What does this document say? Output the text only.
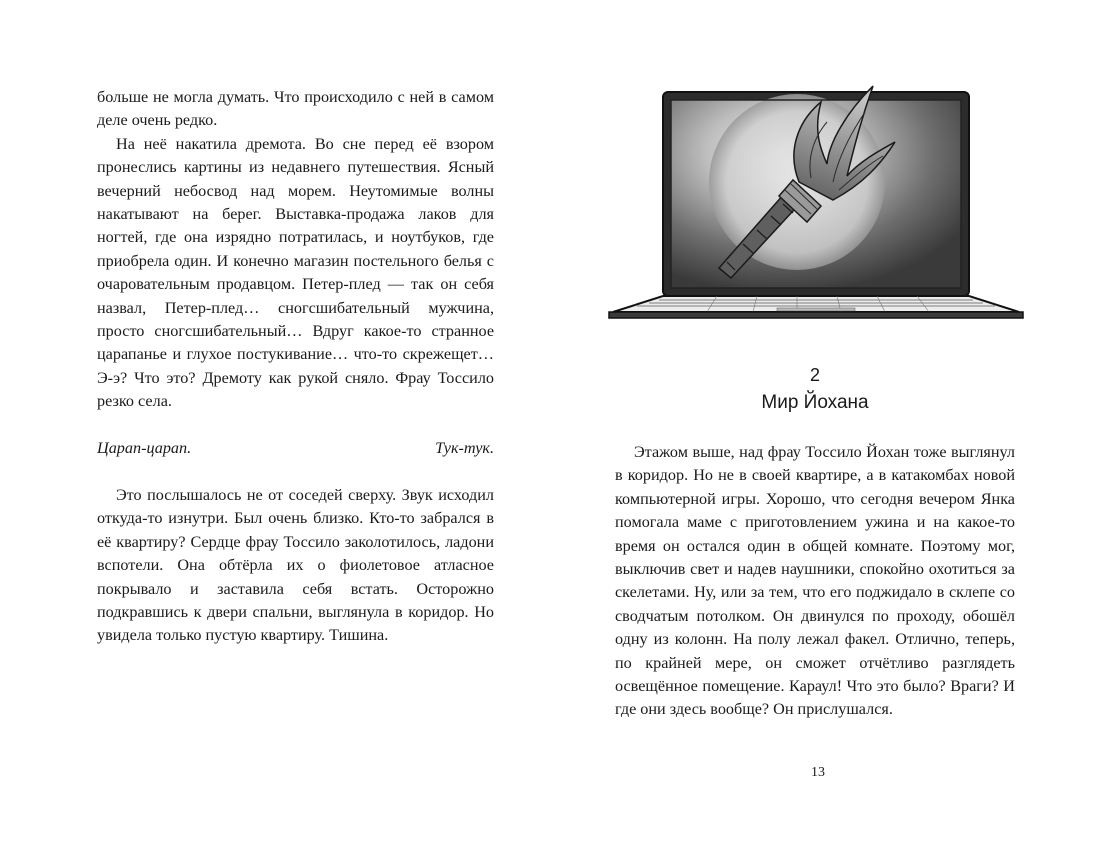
больше не могла думать. Что происходило с ней в самом деле очень редко.

На неё накатила дремота. Во сне перед её взором пронеслись картины из недавнего путешествия. Ясный вечерний небосвод над морем. Неутомимые волны накатывают на берег. Выставка-продажа лаков для ногтей, где она изрядно потратилась, и ноутбуков, где приобрела один. И конечно магазин постельного белья с очаровательным продавцом. Петер-плед — так он себя назвал, Петер-плед… сногсшибательный мужчина, просто сногсшибательный… Вдруг какое-то странное царапанье и глухое постукивание… что-то скрежещет… Э-э? Что это? Дремоту как рукой сняло. Фрау Тоссило резко села.

Царап-царап.	Тук-тук.

Это послышалось не от соседей сверху. Звук исходил откуда-то изнутри. Был очень близко. Кто-то забрался в её квартиру? Сердце фрау Тоссило заколотилось, ладони вспотели. Она обтёрла их о фиолетовое атласное покрывало и заставила себя встать. Осторожно подкравшись к двери спальни, выглянула в коридор. Но увидела только пустую квартиру. Тишина.

2
Мир Йохана

Этажом выше, над фрау Тоссило Йохан тоже выглянул в коридор. Но не в своей квартире, а в катакомбах новой компьютерной игры. Хорошо, что сегодня вечером Янка помогала маме с приготовлением ужина и на какое-то время он остался один в общей комнате. Поэтому мог, выключив свет и надев наушники, спокойно охотиться за скелетами. Ну, или за тем, что его поджидало в склепе со сводчатым потолком. Он двинулся по проходу, обошёл одну из колонн. На полу лежал факел. Отлично, теперь, по крайней мере, он сможет отчётливо разглядеть освещённое помещение. Караул! Что это было? Враги? И где они здесь вообще? Он прислушался.

13
